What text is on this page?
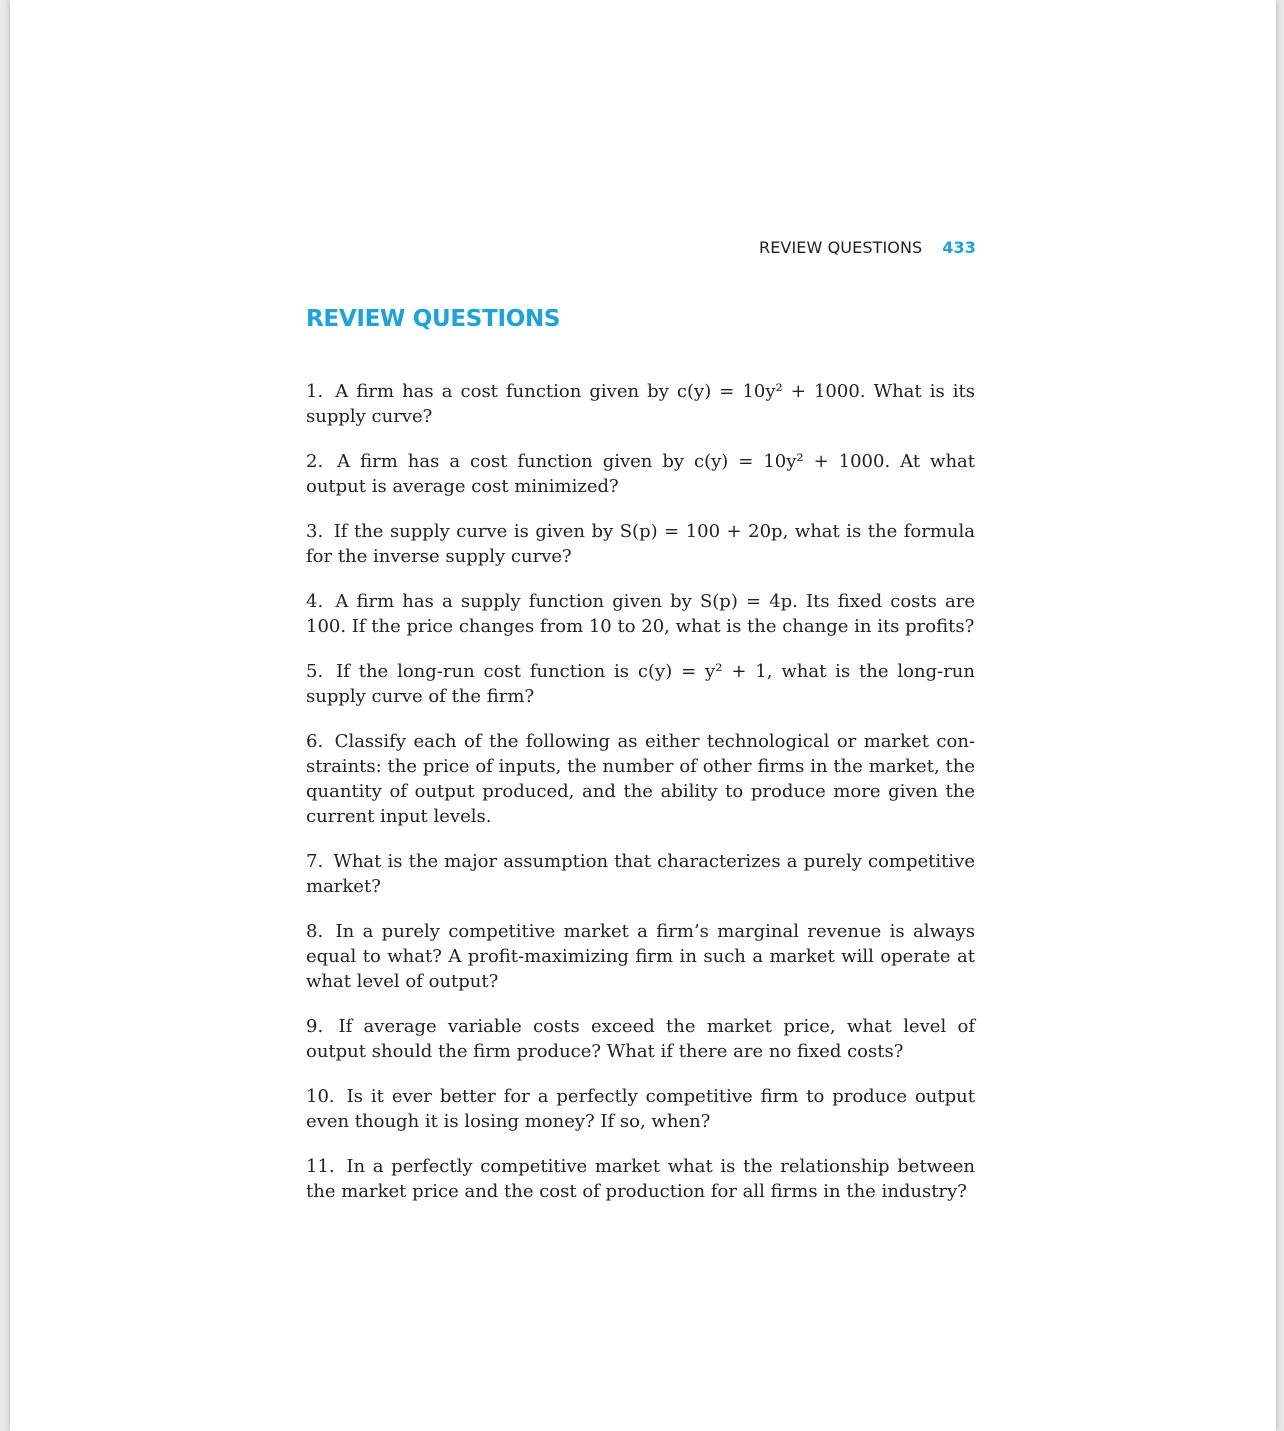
REVIEW QUESTIONS 433
REVIEW QUESTIONS
1. A firm has a cost function given by c(y) = 10y² + 1000. What is its supply curve?
2. A firm has a cost function given by c(y) = 10y² + 1000. At what output is average cost minimized?
3. If the supply curve is given by S(p) = 100 + 20p, what is the formula for the inverse supply curve?
4. A firm has a supply function given by S(p) = 4p. Its fixed costs are 100. If the price changes from 10 to 20, what is the change in its profits?
5. If the long-run cost function is c(y) = y² + 1, what is the long-run supply curve of the firm?
6. Classify each of the following as either technological or market con-straints: the price of inputs, the number of other firms in the market, the quantity of output produced, and the ability to produce more given the current input levels.
7. What is the major assumption that characterizes a purely competitive market?
8. In a purely competitive market a firm’s marginal revenue is always equal to what? A profit-maximizing firm in such a market will operate at what level of output?
9. If average variable costs exceed the market price, what level of output should the firm produce? What if there are no fixed costs?
10. Is it ever better for a perfectly competitive firm to produce output even though it is losing money? If so, when?
11. In a perfectly competitive market what is the relationship between the market price and the cost of production for all firms in the industry?
